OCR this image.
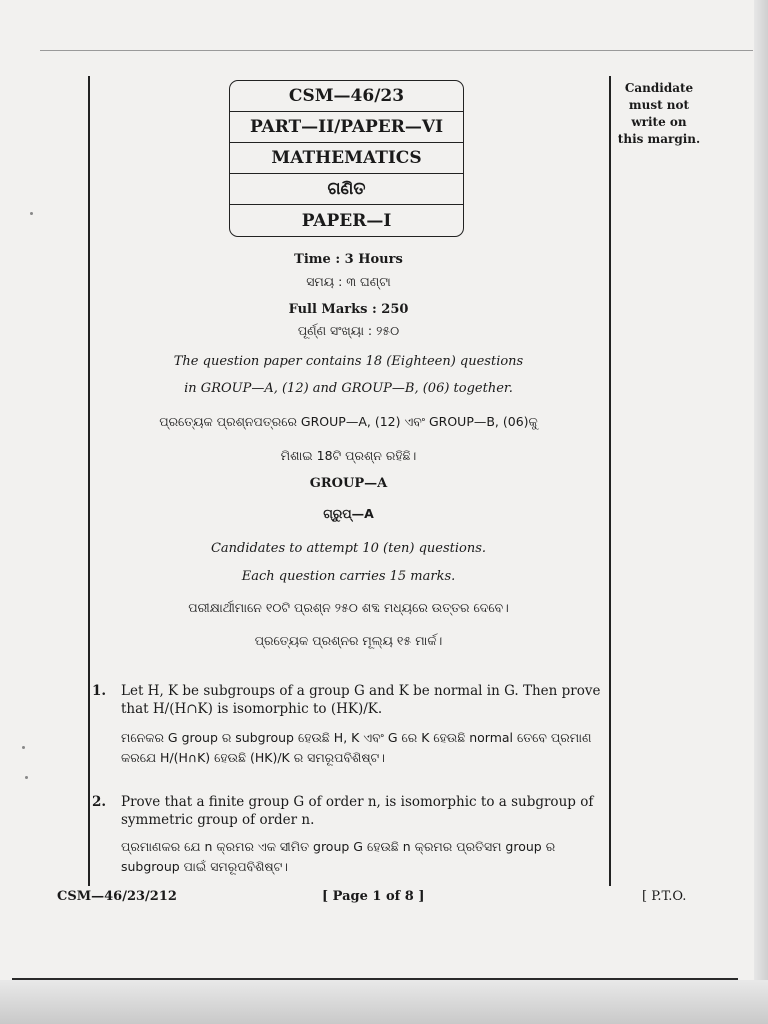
CSM—46/23
PART—II/PAPER—VI
MATHEMATICS
ଗଣିତ
PAPER—I
Candidate
must not
write on
this margin.
Time : 3 Hours
ସମୟ : ୩ ଘଣ୍ଟା
Full Marks : 250
ପୂର୍ଣ୍ଣ ସଂଖ୍ୟା : ୨୫୦
The question paper contains 18 (Eighteen) questions
in GROUP—A, (12) and GROUP—B, (06) together.
ପ୍ରତ୍ୟେକ ପ୍ରଶ୍ନପତ୍ରରେ GROUP—A, (12) ଏବଂ GROUP—B, (06)କୁ
ମିଶାଇ 18ଟି ପ୍ରଶ୍ନ ରହିଛି।
GROUP—A
ଗ୍ରୁପ୍—A
Candidates to attempt 10 (ten) questions.
Each question carries 15 marks.
ପରୀକ୍ଷାର୍ଥୀମାନେ ୧୦ଟି ପ୍ରଶ୍ନ ୨୫୦ ଶବ୍ଦ ମଧ୍ୟରେ ଉତ୍ତର ଦେବେ।
ପ୍ରତ୍ୟେକ ପ୍ରଶ୍ନର ମୂଲ୍ୟ ୧୫ ମାର୍କ।
1. Let H, K be subgroups of a group G and K be normal in G. Then prove that H/(H∩K) is isomorphic to (HK)/K.
ମନେକର G group ର subgroup ହେଉଛି H, K ଏବଂ G ରେ K ହେଉଛି normal ତେବେ ପ୍ରମାଣ କରଯେ H/(H∩K) ହେଉଛି (HK)/K ର ସମରୂପବିଶିଷ୍ଟ।
2. Prove that a finite group G of order n, is isomorphic to a subgroup of symmetric group of order n.
ପ୍ରମାଣକର ଯେ n କ୍ରମର ଏକ ସୀମିତ group G ହେଉଛି n କ୍ରମର ପ୍ରତିସମ group ର subgroup ପାଇଁ ସମରୂପବିଶିଷ୍ଟ।
CSM—46/23/212	[ Page 1 of 8 ]	[ P.T.O.
